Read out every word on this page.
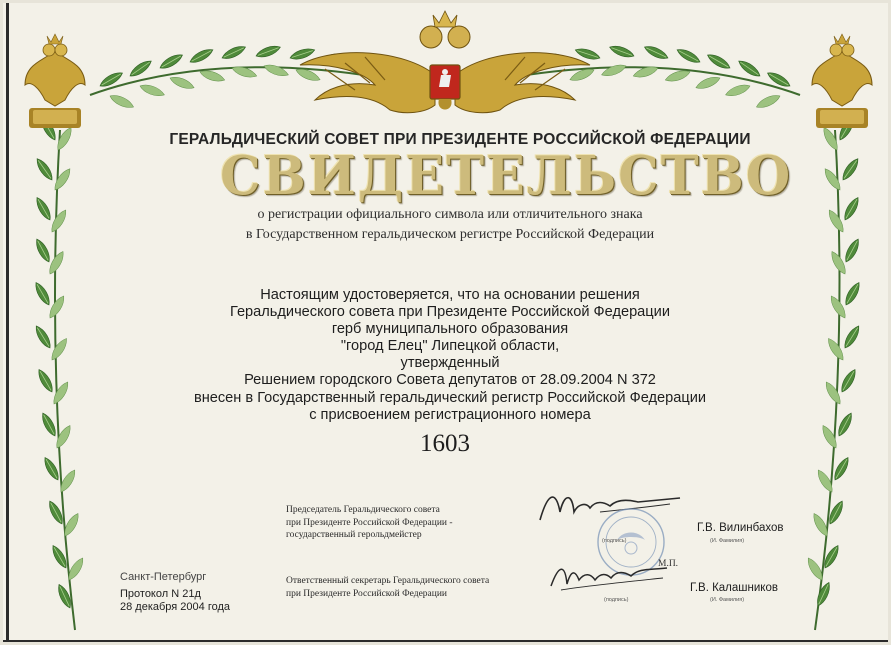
ГЕРАЛЬДИЧЕСКИЙ СОВЕТ ПРИ ПРЕЗИДЕНТЕ РОССИЙСКОЙ ФЕДЕРАЦИИ
СВИДЕТЕЛЬСТВО
о регистрации официального символа или отличительного знака
в Государственном геральдическом регистре Российской Федерации
Настоящим удостоверяется, что на основании решения
Геральдического совета при Президенте Российской Федерации
герб муниципального образования
"город Елец" Липецкой области,
утвержденный
Решением городского Совета депутатов от 28.09.2004 N 372
внесен в Государственный геральдический регистр Российской Федерации
с присвоением регистрационного номера
1603
Председатель Геральдического совета
при Президенте Российской Федерации -
государственный герольдмейстер
(подпись)	(И. Фамилия)
Г.В. Вилинбахов
Ответственный секретарь Геральдического совета
при Президенте Российской Федерации
М.П.
(подпись)	(И. Фамилия)
Г.В. Калашников
Санкт-Петербург
Протокол N 21д
28 декабря 2004 года
